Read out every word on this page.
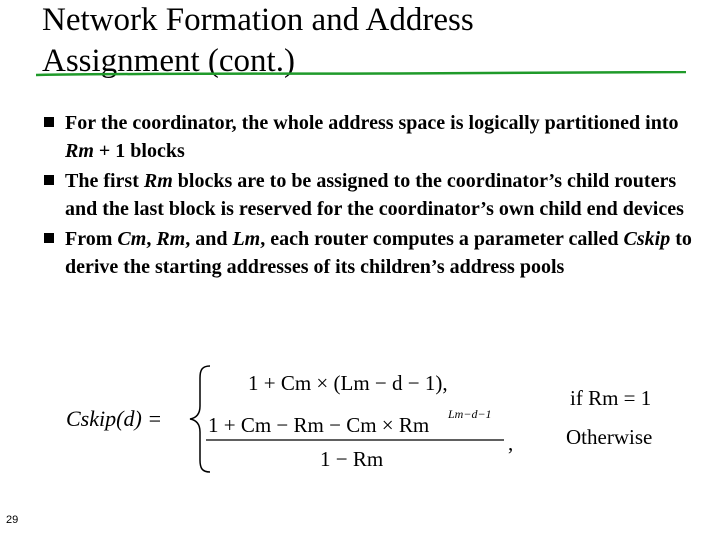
Network Formation and Address
Assignment (cont.)
For the coordinator, the whole address space is logically partitioned into Rm + 1 blocks
The first Rm blocks are to be assigned to the coordinator’s child routers and the last block is reserved for the coordinator’s own child end devices
From Cm, Rm, and Lm, each router computes a parameter called Cskip to derive the starting addresses of its children’s address pools
Cskip(d) =
1 + Cm × (Lm − d − 1),
if Rm = 1
1 + Cm − Rm − Cm × Rm Lm−d−1
1 − Rm
,	Otherwise
29
